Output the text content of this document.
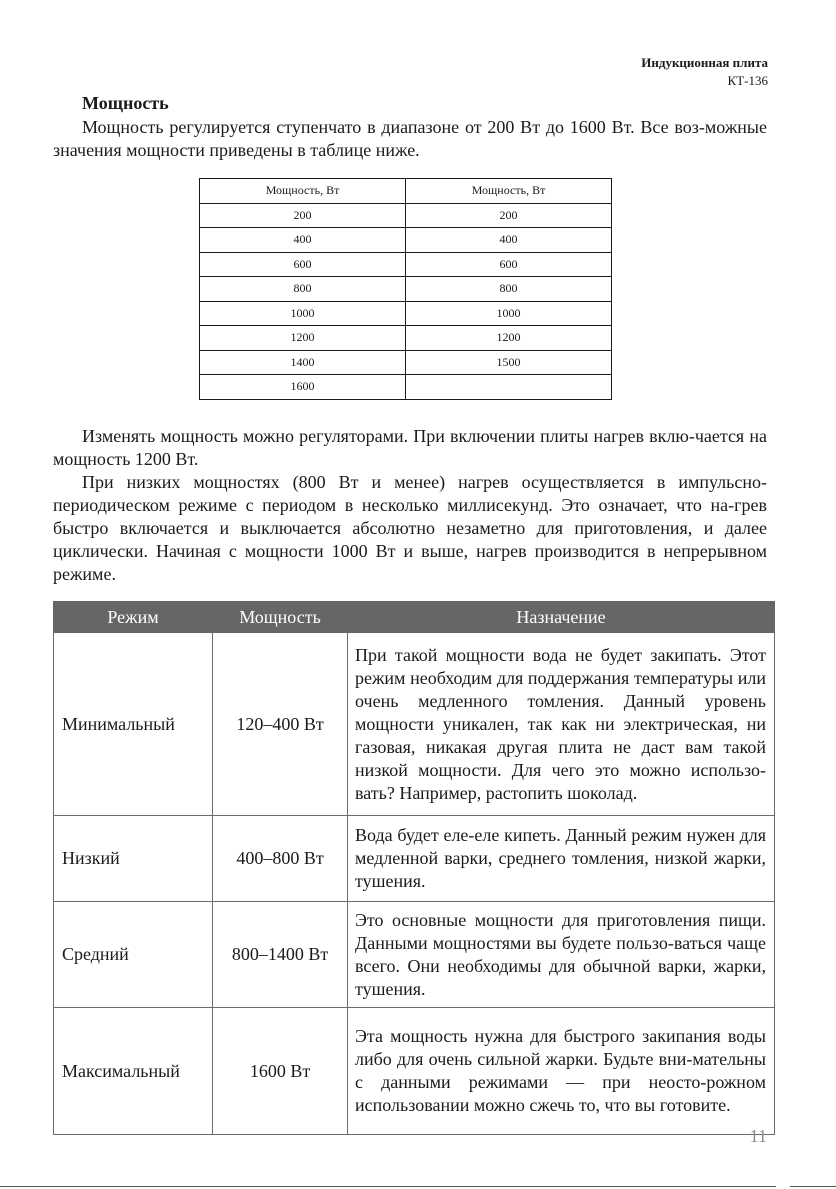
Индукционная плита
КТ-136
Мощность

Мощность регулируется ступенчато в диапазоне от 200 Вт до 1600 Вт. Все воз-можные значения мощности приведены в таблице ниже.

Мощность, Вт	Мощность, Вт
200	200
400	400
600	600
800	800
1000	1000
1200	1200
1400	1500
1600	

Изменять мощность можно регуляторами. При включении плиты нагрев вклю-чается на мощность 1200 Вт.

При низких мощностях (800 Вт и менее) нагрев осуществляется в импульсно-периодическом режиме с периодом в несколько миллисекунд. Это означает, что на-грев быстро включается и выключается абсолютно незаметно для приготовления, и далее циклически. Начиная с мощности 1000 Вт и выше, нагрев производится в непрерывном режиме.

Режим	Мощность	Назначение
Минимальный	120–400 Вт	При такой мощности вода не будет закипать. Этот режим необходим для поддержания температуры или очень медленного томления. Данный уровень мощности уникален, так как ни электрическая, ни газовая, никакая другая плита не даст вам такой низкой мощности. Для чего это можно использо-вать? Например, растопить шоколад.
Низкий	400–800 Вт	Вода будет еле-еле кипеть. Данный режим нужен для медленной варки, среднего томления, низкой жарки, тушения.
Средний	800–1400 Вт	Это основные мощности для приготовления пищи. Данными мощностями вы будете пользо-ваться чаще всего. Они необходимы для обычной варки, жарки, тушения.
Максимальный	1600 Вт	Эта мощность нужна для быстрого закипания воды либо для очень сильной жарки. Будьте вни-мательны с данными режимами — при неосто-рожном использовании можно сжечь то, что вы готовите.
11
